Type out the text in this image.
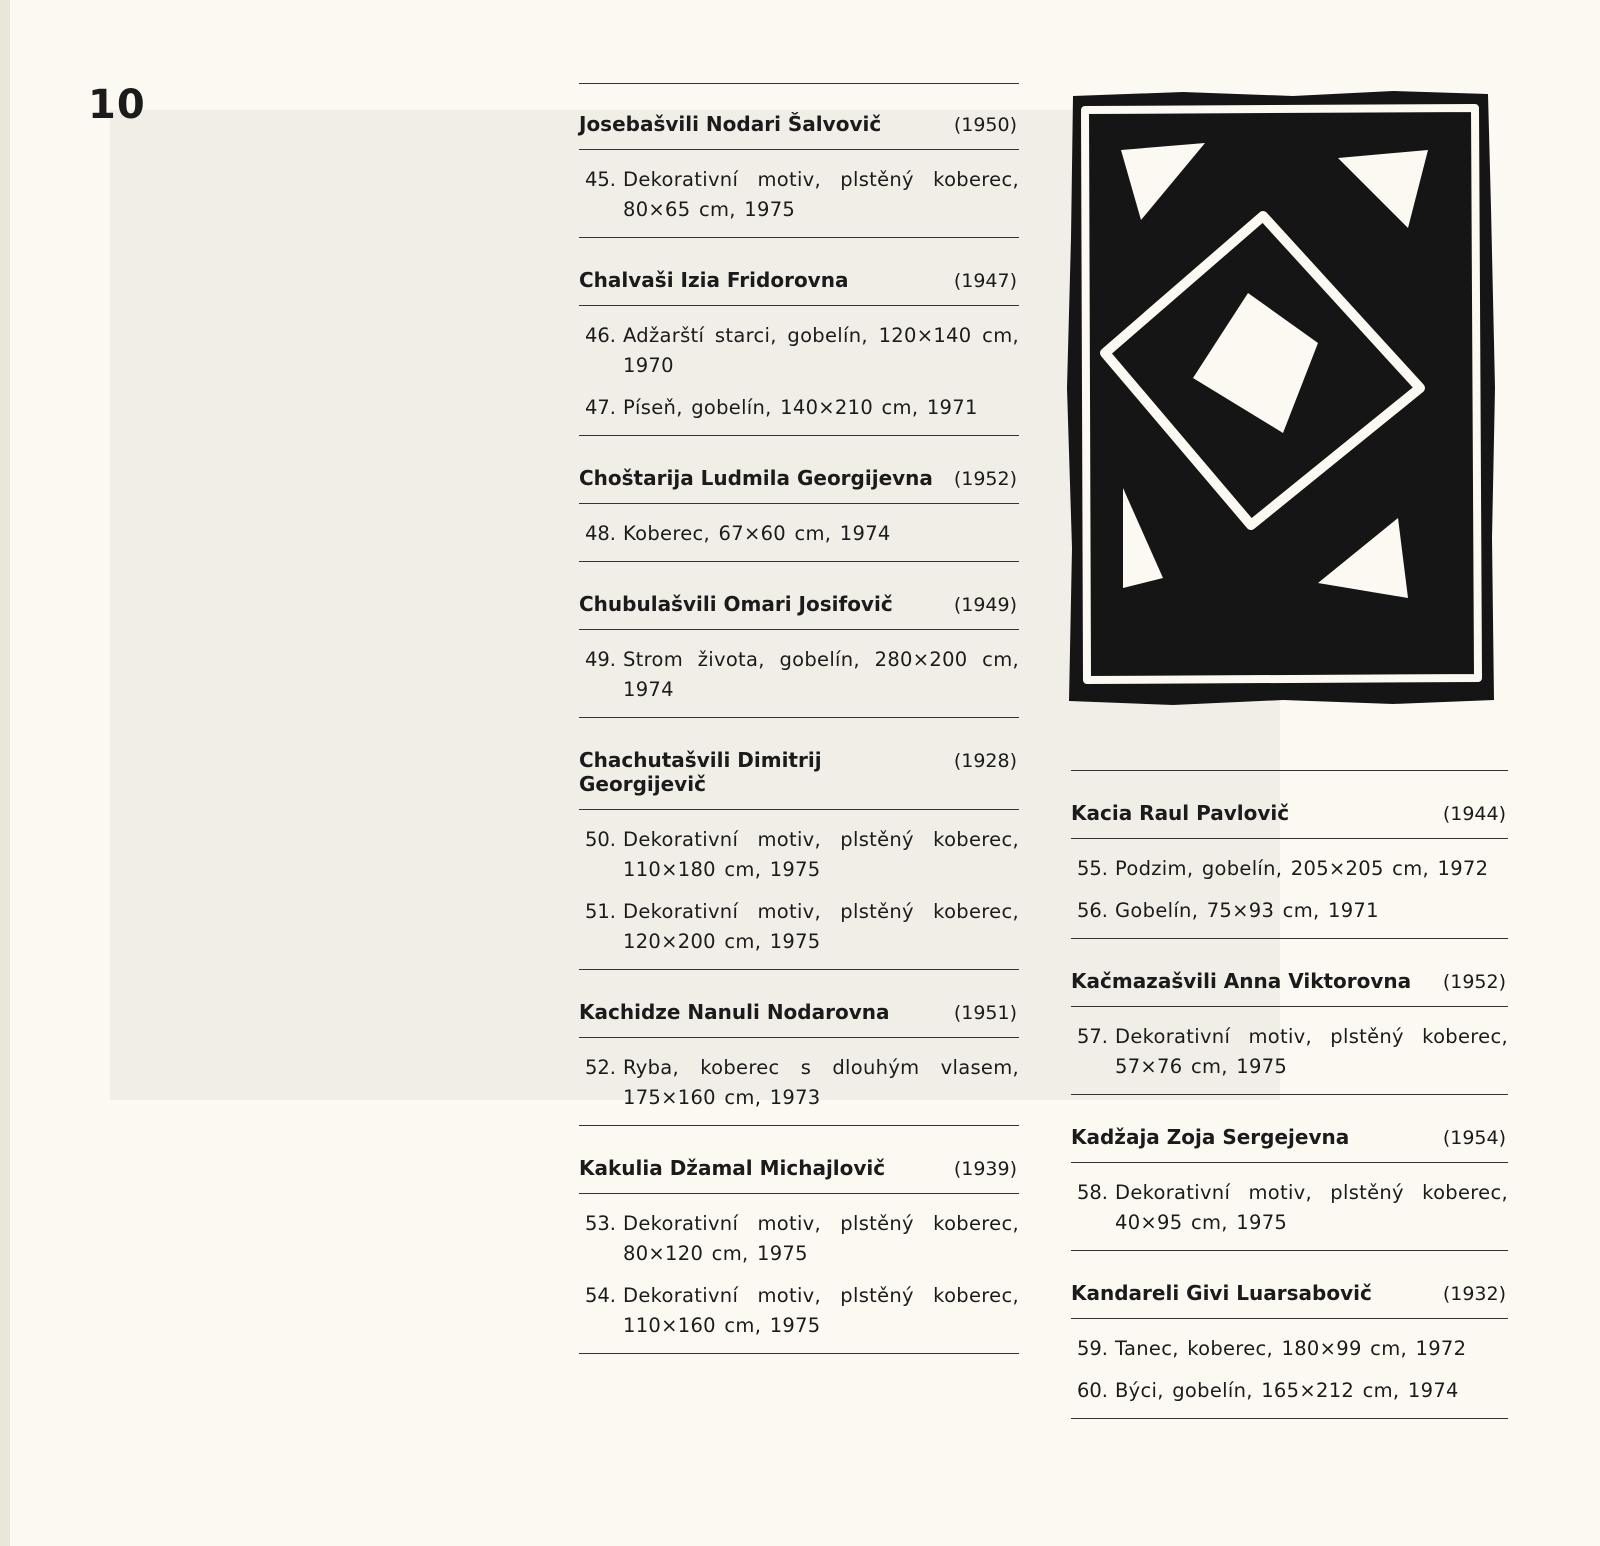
10	Josebašvili Nodari Šalvovič	(1950)
45. Dekorativní motiv, plstěný koberec, 80×65 cm, 1975
Chalvaši Izia Fridorovna	(1947)
46. Adžarští starci, gobelín, 120×140 cm, 1970
47. Píseň, gobelín, 140×210 cm, 1971
Choštarija Ludmila Georgijevna (1952)
48. Koberec, 67×60 cm, 1974
Chubulašvili Omari Josifovič	(1949)
49. Strom života, gobelín, 280×200 cm, 1974
Chachutašvili Dimitrij Georgijevič
(1928)
50. Dekorativní motiv, plstěný koberec, 110×180 cm, 1975
51. Dekorativní motiv, plstěný koberec, 120×200 cm, 1975
Kachidze Nanuli Nodarovna	(1951)
52. Ryba, koberec s dlouhým vlasem, 175×160 cm, 1973
Kakulia Džamal Michajlovič	(1939)
53. Dekorativní motiv, plstěný koberec, 80×120 cm, 1975
54. Dekorativní motiv, plstěný koberec, 110×160 cm, 1975
Kacia Raul Pavlovič	(1944)
55. Podzim, gobelín, 205×205 cm, 1972
56. Gobelín, 75×93 cm, 1971
Kačmazašvili Anna Viktorovna (1952)
57. Dekorativní motiv, plstěný koberec, 57×76 cm, 1975
Kadžaja Zoja Sergejevna	(1954)
58. Dekorativní motiv, plstěný koberec, 40×95 cm, 1975
Kandareli Givi Luarsabovič	(1932)
59. Tanec, koberec, 180×99 cm, 1972
60. Býci, gobelín, 165×212 cm, 1974
